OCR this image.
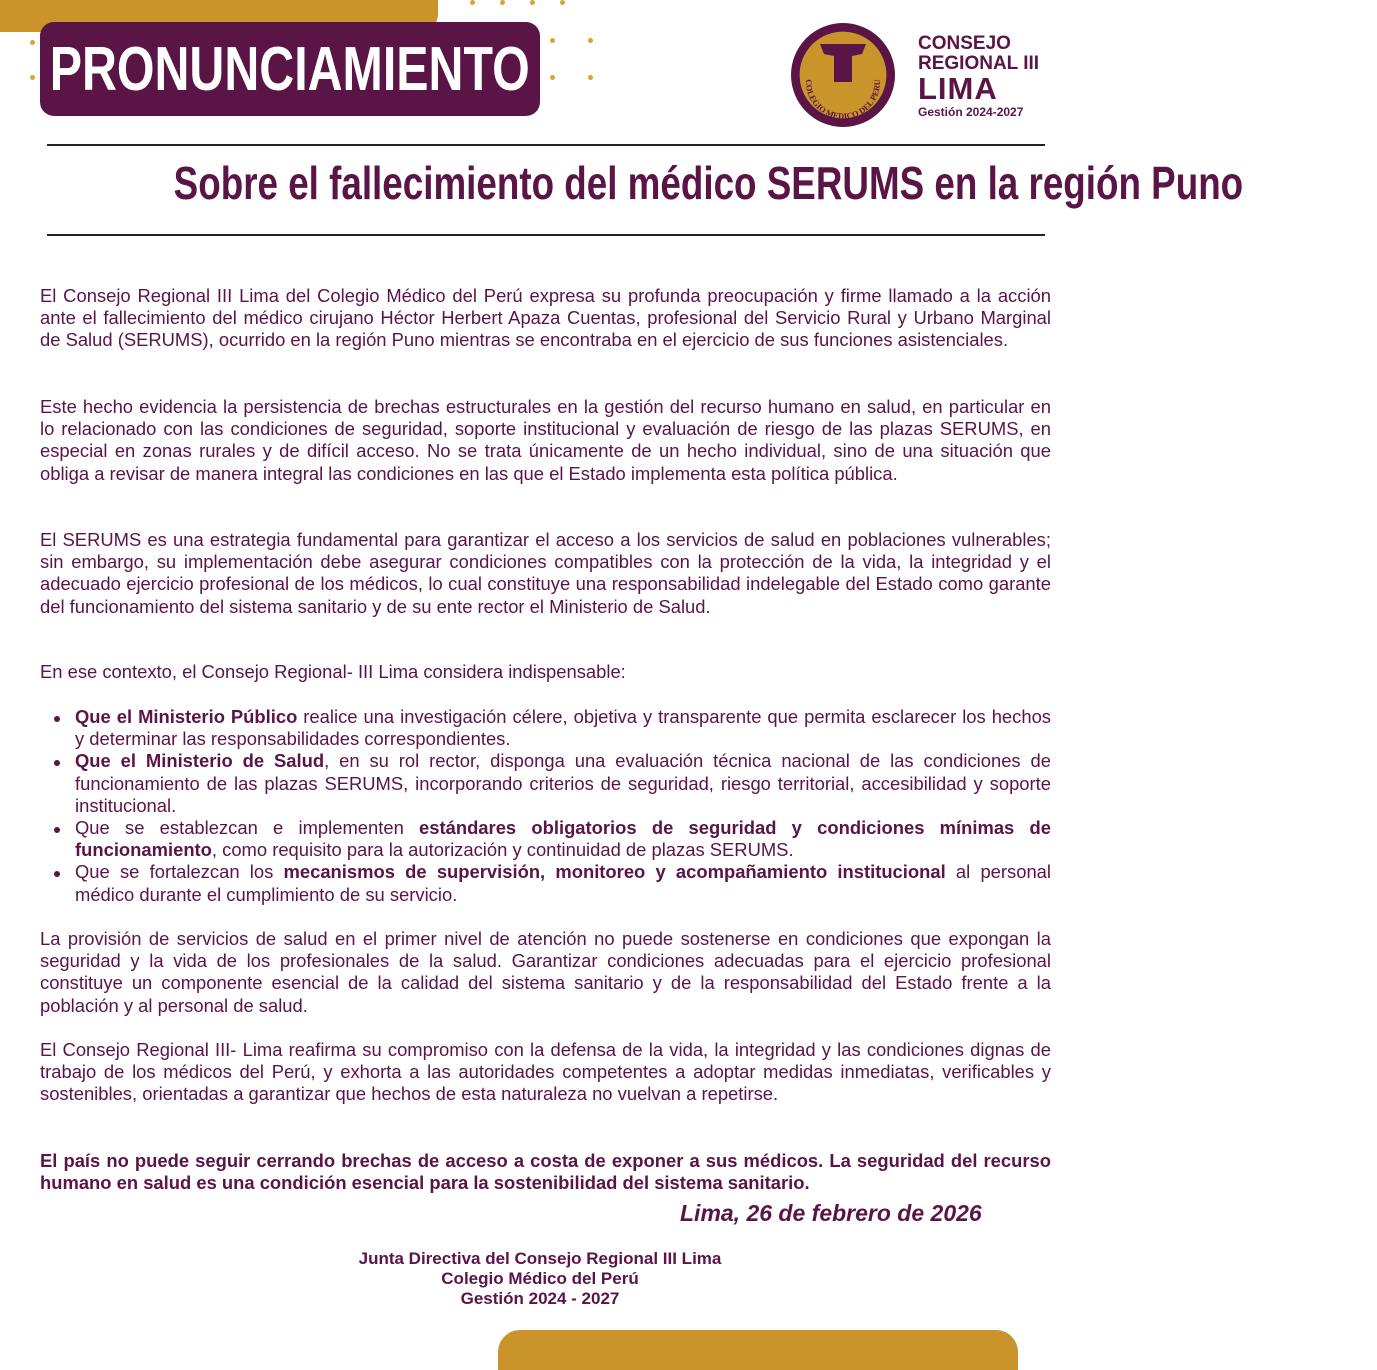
PRONUNCIAMIENTO	COLEGIO MEDICO DEL PERU
CONSEJO
REGIONAL III
LIMA
Gestión 2024-2027
Sobre el fallecimiento del médico SERUMS en la región Puno
El Consejo Regional III Lima del Colegio Médico del Perú expresa su profunda preocupación y firme llamado a la acción ante el fallecimiento del médico cirujano Héctor Herbert Apaza Cuentas, profesional del Servicio Rural y Urbano Marginal de Salud (SERUMS), ocurrido en la región Puno mientras se encontraba en el ejercicio de sus funciones asistenciales.
Este hecho evidencia la persistencia de brechas estructurales en la gestión del recurso humano en salud, en particular en lo relacionado con las condiciones de seguridad, soporte institucional y evaluación de riesgo de las plazas SERUMS, en especial en zonas rurales y de difícil acceso. No se trata únicamente de un hecho individual, sino de una situación que obliga a revisar de manera integral las condiciones en las que el Estado implementa esta política pública.
El SERUMS es una estrategia fundamental para garantizar el acceso a los servicios de salud en poblaciones vulnerables; sin embargo, su implementación debe asegurar condiciones compatibles con la protección de la vida, la integridad y el adecuado ejercicio profesional de los médicos, lo cual constituye una responsabilidad indelegable del Estado como garante del funcionamiento del sistema sanitario y de su ente rector el Ministerio de Salud.
En ese contexto, el Consejo Regional- III Lima considera indispensable:
Que el Ministerio Público realice una investigación célere, objetiva y transparente que permita esclarecer los hechos y determinar las responsabilidades correspondientes.
Que el Ministerio de Salud, en su rol rector, disponga una evaluación técnica nacional de las condiciones de funcionamiento de las plazas SERUMS, incorporando criterios de seguridad, riesgo territorial, accesibilidad y soporte institucional.
Que se establezcan e implementen estándares obligatorios de seguridad y condiciones mínimas de funcionamiento, como requisito para la autorización y continuidad de plazas SERUMS.
Que se fortalezcan los mecanismos de supervisión, monitoreo y acompañamiento institucional al personal médico durante el cumplimiento de su servicio.
La provisión de servicios de salud en el primer nivel de atención no puede sostenerse en condiciones que expongan la seguridad y la vida de los profesionales de la salud. Garantizar condiciones adecuadas para el ejercicio profesional constituye un componente esencial de la calidad del sistema sanitario y de la responsabilidad del Estado frente a la población y al personal de salud.
El Consejo Regional III- Lima reafirma su compromiso con la defensa de la vida, la integridad y las condiciones dignas de trabajo de los médicos del Perú, y exhorta a las autoridades competentes a adoptar medidas inmediatas, verificables y sostenibles, orientadas a garantizar que hechos de esta naturaleza no vuelvan a repetirse.
El país no puede seguir cerrando brechas de acceso a costa de exponer a sus médicos. La seguridad del recurso humano en salud es una condición esencial para la sostenibilidad del sistema sanitario.
Lima, 26 de febrero de 2026
Junta Directiva del Consejo Regional III Lima
Colegio Médico del Perú
Gestión 2024 - 2027
